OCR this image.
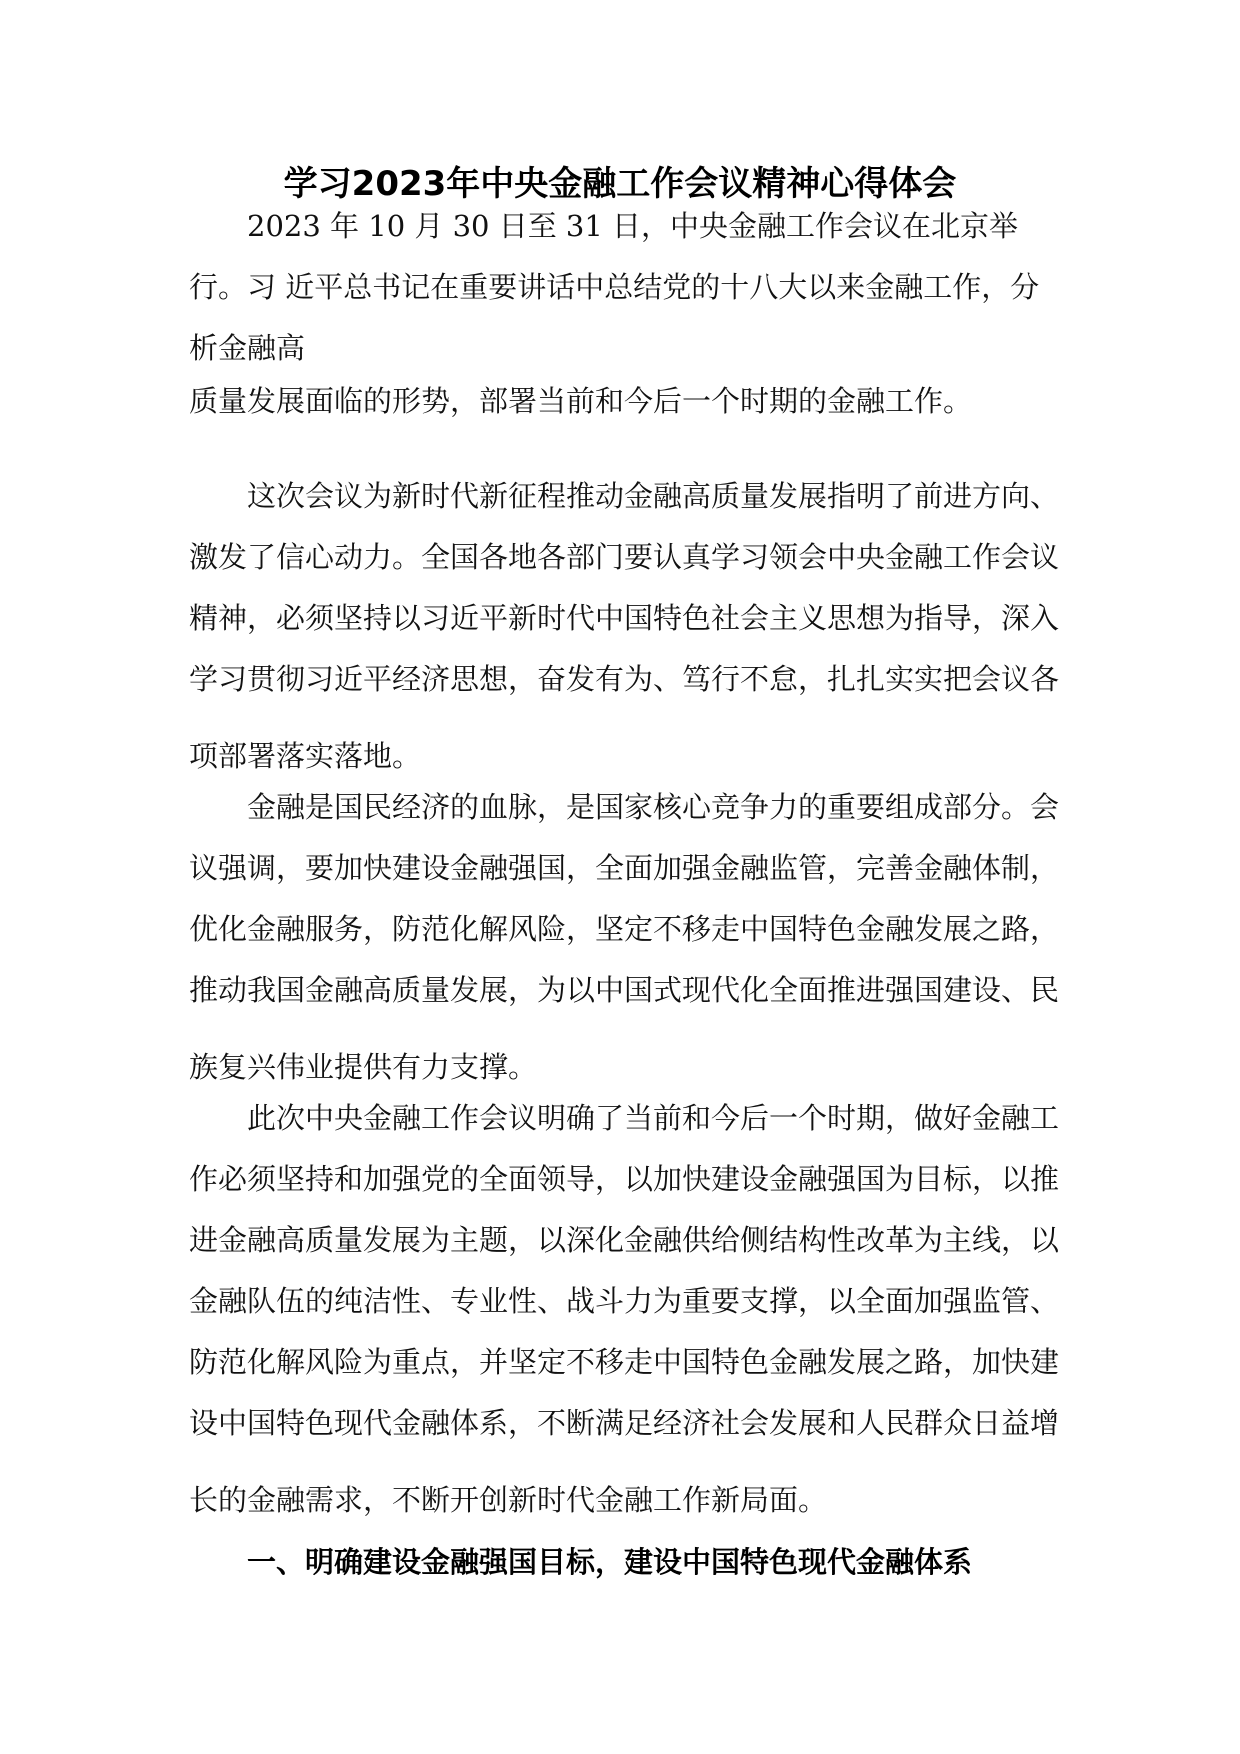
学习2023年中央金融工作会议精神心得体会
2023 年 10 月 30 日至 31 日，中央金融工作会议在北京举
行。习 近平总书记在重要讲话中总结党的十八大以来金融工作，分
析金融高
质量发展面临的形势，部署当前和今后一个时期的金融工作。
这次会议为新时代新征程推动金融高质量发展指明了前进方向、
激发了信心动力。全国各地各部门要认真学习领会中央金融工作会议
精神，必须坚持以习近平新时代中国特色社会主义思想为指导，深入
学习贯彻习近平经济思想，奋发有为、笃行不怠，扎扎实实把会议各
项部署落实落地。
金融是国民经济的血脉，是国家核心竞争力的重要组成部分。会
议强调，要加快建设金融强国，全面加强金融监管，完善金融体制，
优化金融服务，防范化解风险，坚定不移走中国特色金融发展之路，
推动我国金融高质量发展，为以中国式现代化全面推进强国建设、民
族复兴伟业提供有力支撑。
此次中央金融工作会议明确了当前和今后一个时期，做好金融工
作必须坚持和加强党的全面领导，以加快建设金融强国为目标，以推
进金融高质量发展为主题，以深化金融供给侧结构性改革为主线，以
金融队伍的纯洁性、专业性、战斗力为重要支撑，以全面加强监管、
防范化解风险为重点，并坚定不移走中国特色金融发展之路，加快建
设中国特色现代金融体系，不断满足经济社会发展和人民群众日益增
长的金融需求，不断开创新时代金融工作新局面。
一、明确建设金融强国目标，建设中国特色现代金融体系
